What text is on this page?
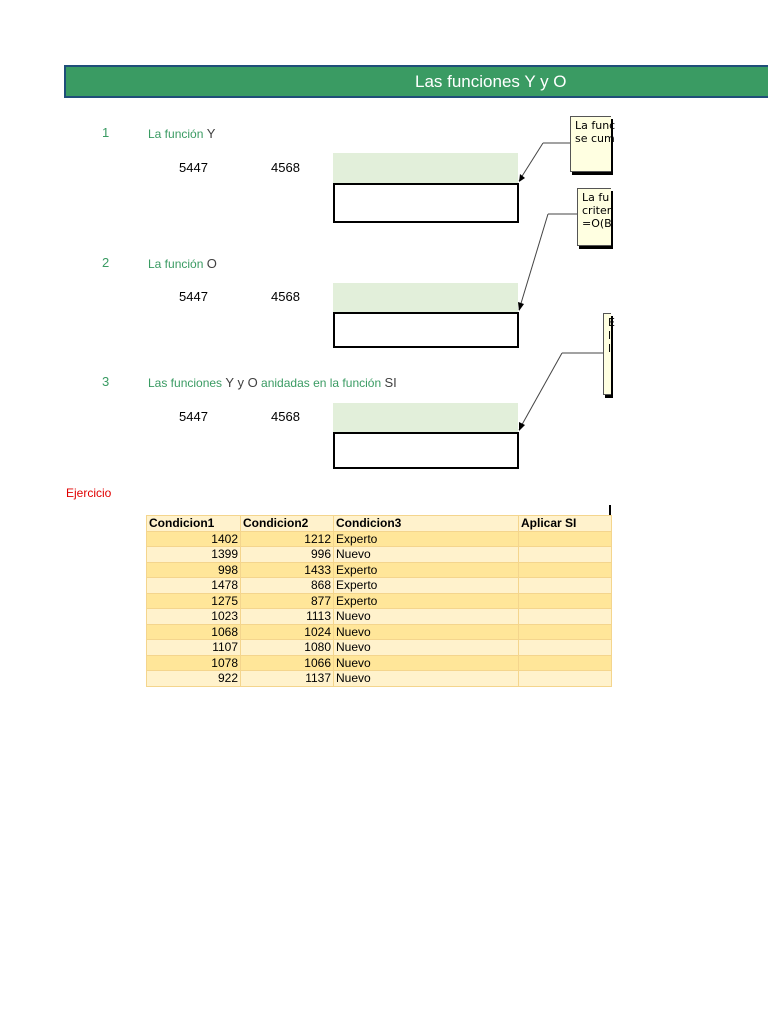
Las funciones Y y O
1	La función Y
5447	4568
2	La función O
5447	4568
3	Las funciones Y y O anidadas en la función SI
5447	4568
La func
se cum
La fu
criter
=O(B
E
l
l
Ejercicio
Condicion1	Condicion2	Condicion3	Aplicar SI
1402	1212	Experto	
1399	996	Nuevo	
998	1433	Experto	
1478	868	Experto	
1275	877	Experto	
1023	1113	Nuevo	
1068	1024	Nuevo	
1107	1080	Nuevo	
1078	1066	Nuevo	
922	1137	Nuevo	
